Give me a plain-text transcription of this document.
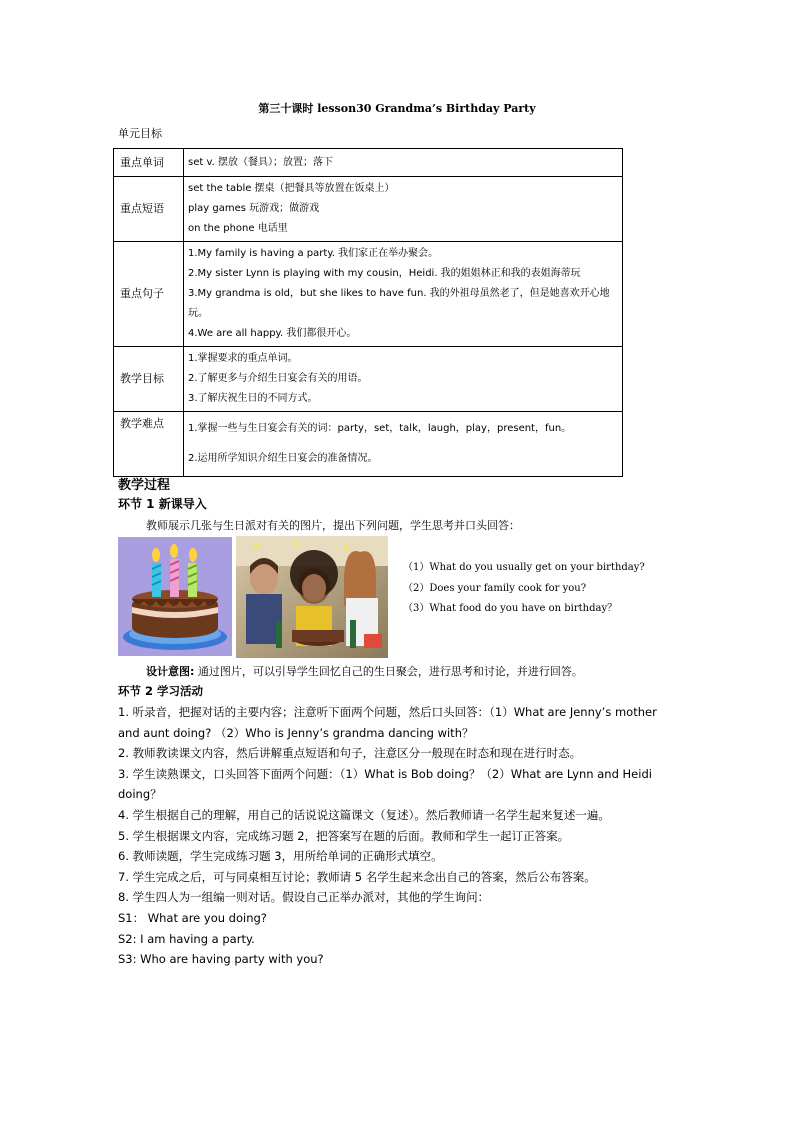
第三十课时 lesson30 Grandma’s Birthday Party
单元目标
重点单词	set v. 摆放（餐具）；放置；落下

重点短语	set the table 摆桌（把餐具等放置在饭桌上）
play games 玩游戏；做游戏
on the phone 电话里

重点句子	1.My family is having a party. 我们家正在举办聚会。
2.My sister Lynn is playing with my cousin，Heidi. 我的姐姐林正和我的表姐海蒂玩
3.My grandma is old，but she likes to have fun. 我的外祖母虽然老了，但是她喜欢开心地玩。
4.We are all happy. 我们都很开心。

教学目标	1.掌握要求的重点单词。
2.了解更多与介绍生日宴会有关的用语。
3.了解庆祝生日的不同方式。

教学难点	1.掌握一些与生日宴会有关的词：party，set，talk，laugh，play，present，fun。
2.运用所学知识介绍生日宴会的准备情况。
教学过程
环节 1 新课导入
教师展示几张与生日派对有关的图片，提出下列问题，学生思考并口头回答：
（1）What do you usually get on your birthday?
（2）Does your family cook for you?
（3）What food do you have on birthday？
设计意图: 通过图片，可以引导学生回忆自己的生日聚会，进行思考和讨论，并进行回答。
环节 2 学习活动

1. 听录音，把握对话的主要内容；注意听下面两个问题，然后口头回答：（1）What are Jenny’s mother and aunt doing? （2）Who is Jenny’s grandma dancing with？

2. 教师教读课文内容，然后讲解重点短语和句子，注意区分一般现在时态和现在进行时态。

3. 学生读熟课文，口头回答下面两个问题：（1）What is Bob doing？（2）What are Lynn and Heidi doing？

4. 学生根据自己的理解，用自己的话说说这篇课文（复述）。然后教师请一名学生起来复述一遍。

5. 学生根据课文内容，完成练习题 2，把答案写在题的后面。教师和学生一起订正答案。

6. 教师读题，学生完成练习题 3，用所给单词的正确形式填空。

7. 学生完成之后，可与同桌相互讨论；教师请 5 名学生起来念出自己的答案，然后公布答案。

8. 学生四人为一组编一则对话。假设自己正举办派对，其他的学生询问：

S1： What are you doing?

S2: I am having a party.

S3: Who are having party with you?
